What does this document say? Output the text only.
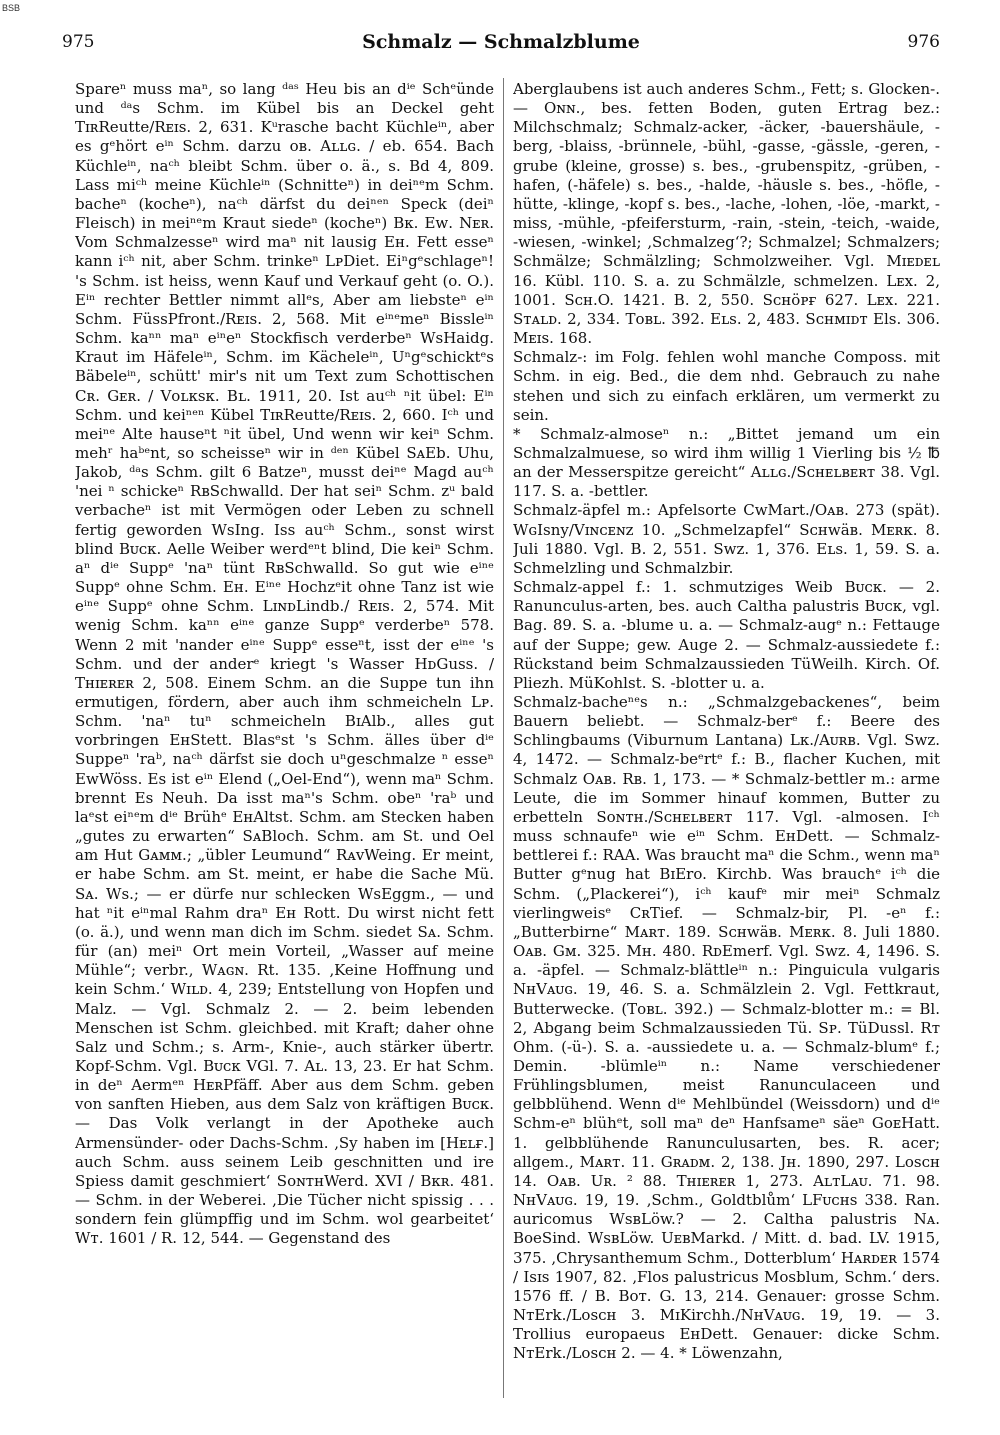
BSB
975	Schmalz — Schmalzblume	976

Spareⁿ muss maⁿ, so lang ᵈᵃˢ Heu bis an dⁱᵉ Schᵉünde und ᵈᵃs Schm. im Kübel bis an Deckel geht TɪʀReutte/Rᴇɪs. 2, 631. Kᵘrasche bacht Küchleⁱⁿ, aber es gᵉhört eⁱⁿ Schm. darzu ᴏʙ. Aʟʟɢ. / eb. 654. Bach Küchleⁱⁿ, naᶜʰ bleibt Schm. über o. ä., s. Bd 4, 809. Lass miᶜʰ meine Küchleⁱⁿ (Schnitteⁿ) in deiⁿᵉm Schm. bacheⁿ (kocheⁿ), naᶜʰ därfst du deiⁿᵉⁿ Speck (deiⁿ Fleisch) in meiⁿᵉm Kraut siedeⁿ (kocheⁿ) Bᴋ. Eᴡ. Nᴇʀ. Vom Schmalzesseⁿ wird maⁿ nit lausig Eʜ. Fett esseⁿ kann iᶜʰ nit, aber Schm. trinkeⁿ LᴘDiet. Eiⁿgᵉschlageⁿ! 's Schm. ist heiss, wenn Kauf und Verkauf geht (o. O.). Eⁱⁿ rechter Bettler nimmt allᵉs, Aber am liebsteⁿ eⁱⁿ Schm. FüssPfront./Rᴇɪs. 2, 568. Mit eⁱⁿᵉmeⁿ Bissleⁱⁿ Schm. kaⁿⁿ maⁿ eⁱⁿeⁿ Stockfisch verderbeⁿ WsHaidg. Kraut im Häfeleⁱⁿ, Schm. im Kächeleⁱⁿ, Uⁿgᵉschicktᵉs Bäbeleⁱⁿ, schütt' mir's nit um Text zum Schottischen Cʀ. Gᴇʀ. / Vᴏʟᴋsᴋ. Bʟ. 1911, 20. Ist auᶜʰ ⁿit übel: Eⁱⁿ Schm. und keiⁿᵉⁿ Kübel TɪʀReutte/Rᴇɪs. 2, 660. Iᶜʰ und meiⁿᵉ Alte hauseⁿt ⁿit übel, Und wenn wir keiⁿ Schm. mehʳ haᵇᵉnt, so scheisseⁿ wir in ᵈᵉⁿ Kübel SᴀEb. Uhu, Jakob, ᵈᵃs Schm. gilt 6 Batzeⁿ, musst deiⁿᵉ Magd auᶜʰ 'nei ⁿ schickeⁿ RʙSchwalld. Der hat seiⁿ Schm. zᵘ bald verbacheⁿ ist mit Vermögen oder Leben zu schnell fertig geworden WsIng. Iss auᶜʰ Schm., sonst wirst blind Bᴜᴄᴋ. Aelle Weiber werdᵉⁿt blind, Die keiⁿ Schm. aⁿ dⁱᵉ Suppᵉ 'naⁿ tünt RʙSchwalld. So gut wie eⁱⁿᵉ Suppᵉ ohne Schm. Eʜ. Eⁱⁿᵉ Hochzᵉit ohne Tanz ist wie eⁱⁿᵉ Suppᵉ ohne Schm. LɪɴᴅLindb./ Rᴇɪs. 2, 574. Mit wenig Schm. kaⁿⁿ eⁱⁿᵉ ganze Suppᵉ verderbeⁿ 578. Wenn 2 mit 'nander eⁱⁿᵉ Suppᵉ esseⁿt, isst der eⁱⁿᵉ 's Schm. und der anderᵉ kriegt 's Wasser HᴅGuss. / Tʜɪᴇʀᴇʀ 2, 508. Einem Schm. an die Suppe tun ihn ermutigen, fördern, aber auch ihm schmeicheln Lᴘ. Schm. 'naⁿ tuⁿ schmeicheln BɪAlb., alles gut vorbringen EʜStett. Blasᵉst 's Schm. älles über dⁱᵉ Suppeⁿ 'raᵇ, naᶜʰ därfst sie doch uⁿgeschmalze ⁿ esseⁿ EwWöss. Es ist eⁱⁿ Elend („Oel-End“), wenn maⁿ Schm. brennt Es Neuh. Da isst maⁿ's Schm. obeⁿ 'raᵇ und laᵉst eiⁿᵉm dⁱᵉ Brühᵉ EʜAltst. Schm. am Stecken haben „gutes zu erwarten“ SᴀBloch. Schm. am St. und Oel am Hut Gᴀᴍᴍ.; „übler Leumund“ RᴀᴠWeing. Er meint, er habe Schm. am St. meint, er habe die Sache Mü. Sᴀ. Ws.; — er dürfe nur schlecken WsEggm., — und hat ⁿit eⁱⁿmal Rahm draⁿ Eʜ Rott. Du wirst nicht fett (o. ä.), und wenn man dich im Schm. siedet Sᴀ. Schm. für (an) meiⁿ Ort mein Vorteil, „Wasser auf meine Mühle“; verbr., Wᴀɢɴ. Rt. 135. ‚Keine Hoffnung und kein Schm.‘ Wɪʟᴅ. 4, 239; Entstellung von Hopfen und Malz. — Vgl. Schmalz 2. — 2. beim lebenden Menschen ist Schm. gleichbed. mit Kraft; daher ohne Salz und Schm.; s. Arm-, Knie-, auch stärker übertr. Kopf-Schm. Vgl. Bᴜᴄᴋ VGl. 7. Aʟ. 13, 23. Er hat Schm. in deⁿ Aermᵉⁿ HᴇʀPfäff. Aber aus dem Schm. geben von sanften Hieben, aus dem Salz von kräftigen Bᴜᴄᴋ. — Das Volk verlangt in der Apotheke auch Armensünder- oder Dachs-Schm. ‚Sy haben im [Hᴇʟғ.] auch Schm. auss seinem Leib geschnitten und ire Spiess damit geschmiert‘ SᴏɴᴛʜWerd. XVI / Bᴋʀ. 481. — Schm. in der Weberei. ‚Die Tücher nicht spissig . . . sondern fein glümpffig und im Schm. wol gearbeitet‘ Wᴛ. 1601 / R. 12, 544. — Gegenstand des

Aberglaubens ist auch anderes Schm., Fett; s. Glocken-. — Oɴɴ., bes. fetten Boden, guten Ertrag bez.: Milchschmalz; Schmalz-acker, -äcker, -bauershäule, -berg, -blaiss, -brünnele, -bühl, -gasse, -gässle, -geren, -grube (kleine, grosse) s. bes., -grubenspitz, -grüben, -hafen, (-häfele) s. bes., -halde, -häusle s. bes., -höfle, -hütte, -klinge, -kopf s. bes., -lache, -lohen, -löe, -markt, -miss, -mühle, -pfeifersturm, -rain, -stein, -teich, -waide, -wiesen, -winkel; ‚Schmalzeg‘?; Schmalzel; Schmalzers; Schmälze; Schmälzling; Schmolzweiher. Vgl. Mɪᴇᴅᴇʟ 16. Kübl. 110. S. a. zu Schmälzle, schmelzen. Lᴇx. 2, 1001. Sᴄʜ.O. 1421. B. 2, 550. Sᴄʜöᴘғ 627. Lᴇx. 221. Sᴛᴀʟᴅ. 2, 334. Tᴏʙʟ. 392. Eʟs. 2, 483. Sᴄʜᴍɪᴅᴛ Els. 306. Mᴇɪs. 168.

Schmalz-: im Folg. fehlen wohl manche Composs. mit Schm. in eig. Bed., die dem nhd. Gebrauch zu nahe stehen und sich zu einfach erklären, um vermerkt zu sein.

* Schmalz-almoseⁿ n.: „Bittet jemand um ein Schmalzalmuese, so wird ihm willig 1 Vierling bis ½ ℔ an der Messerspitze gereicht“ Aʟʟɢ./Sᴄʜᴇʟʙᴇʀᴛ 38. Vgl. 117. S. a. -bettler.

Schmalz-äpfel m.: Apfelsorte CwMart./Oᴀʙ. 273 (spät). WɢIsny/Vɪɴᴄᴇɴᴢ 10. „Schmelzapfel“ Sᴄʜᴡäʙ. Mᴇʀᴋ. 8. Juli 1880. Vgl. B. 2, 551. Sᴡᴢ. 1, 376. Eʟs. 1, 59. S. a. Schmelzling und Schmalzbir.

Schmalz-appel f.: 1. schmutziges Weib Bᴜᴄᴋ. — 2. Ranunculus-arten, bes. auch Caltha palustris Bᴜᴄᴋ, vgl. Bag. 89. S. a. -blume u. a. — Schmalz-augᵉ n.: Fettauge auf der Suppe; gew. Auge 2. — Schmalz-aussiedete f.: Rückstand beim Schmalzaussieden TüWeilh. Kirch. Of. Pliezh. MüKohlst. S. -blotter u. a.

Schmalz-bacheⁿᵉs n.: „Schmalzgebackenes“, beim Bauern beliebt. — Schmalz-berᵉ f.: Beere des Schlingbaums (Viburnum Lantana) Lᴋ./Aᴜʀʙ. Vgl. Sᴡᴢ. 4, 1472. — Schmalz-beᵉrtᵉ f.: B., flacher Kuchen, mit Schmalz Oᴀʙ. Rʙ. 1, 173. — * Schmalz-bettler m.: arme Leute, die im Sommer hinauf kommen, Butter zu erbetteln Sᴏɴᴛʜ./Sᴄʜᴇʟʙᴇʀᴛ 117. Vgl. -almosen. Iᶜʰ muss schnaufeⁿ wie eⁱⁿ Schm. EʜDett. — Schmalz-bettlerei f.: RAA. Was braucht maⁿ die Schm., wenn maⁿ Butter gᵉnug hat BɪEro. Kirchb. Was brauchᵉ iᶜʰ die Schm. („Plackerei“), iᶜʰ kaufᵉ mir meiⁿ Schmalz vierlingweisᵉ CʀTief. — Schmalz-bir, Pl. -eⁿ f.: „Butterbirne“ Mᴀʀᴛ. 189. Sᴄʜᴡäʙ. Mᴇʀᴋ. 8. Juli 1880. Oᴀʙ. Gᴍ. 325. Mʜ. 480. RᴅEmerf. Vgl. Sᴡᴢ. 4, 1496. S. a. -äpfel. — Schmalz-blättleⁱⁿ n.: Pinguicula vulgaris NʜVᴀᴜɢ. 19, 46. S. a. Schmälzlein 2. Vgl. Fettkraut, Butterwecke. (Tᴏʙʟ. 392.) — Schmalz-blotter m.: = Bl. 2, Abgang beim Schmalzaussieden Tü. Sᴘ. TüDussl. Rᴛ Ohm. (-ü-). S. a. -aussiedete u. a. — Schmalz-blumᵉ f.; Demin. -blümleⁱⁿ n.: Name verschiedener Frühlingsblumen, meist Ranunculaceen und gelbblühend. Wenn dⁱᵉ Mehlbündel (Weissdorn) und dⁱᵉ Schm-eⁿ blühᵉt, soll maⁿ deⁿ Hanfsameⁿ säeⁿ GᴏᴇHatt. 1. gelbblühende Ranunculusarten, bes. R. acer; allgem., Mᴀʀᴛ. 11. Gʀᴀᴅᴍ. 2, 138. Jʜ. 1890, 297. Lᴏsᴄʜ 14. Oᴀʙ. Uʀ. ² 88. Tʜɪᴇʀᴇʀ 1, 273. AʟᴛLᴀᴜ. 71. 98. NʜVᴀᴜɢ. 19, 19. ‚Schm., Goldtblům‘ LFᴜᴄʜs 338. Ran. auricomus WsʙLöw.? — 2. Caltha palustris Nᴀ. BoeSind. WsʙLöw. UᴇʙMarkd. / Mitt. d. bad. LV. 1915, 375. ‚Chrysanthemum Schm., Dotterblum‘ Hᴀʀᴅᴇʀ 1574 / Isɪs 1907, 82. ‚Flos palustricus Mosblum, Schm.‘ ders. 1576 ff. / B. Bᴏᴛ. G. 13, 214. Genauer: grosse Schm. NᴛErk./Lᴏsᴄʜ 3. MɪKirchh./NʜVᴀᴜɢ. 19, 19. — 3. Trollius europaeus EʜDett. Genauer: dicke Schm. NᴛErk./Lᴏsᴄʜ 2. — 4. * Löwenzahn,
